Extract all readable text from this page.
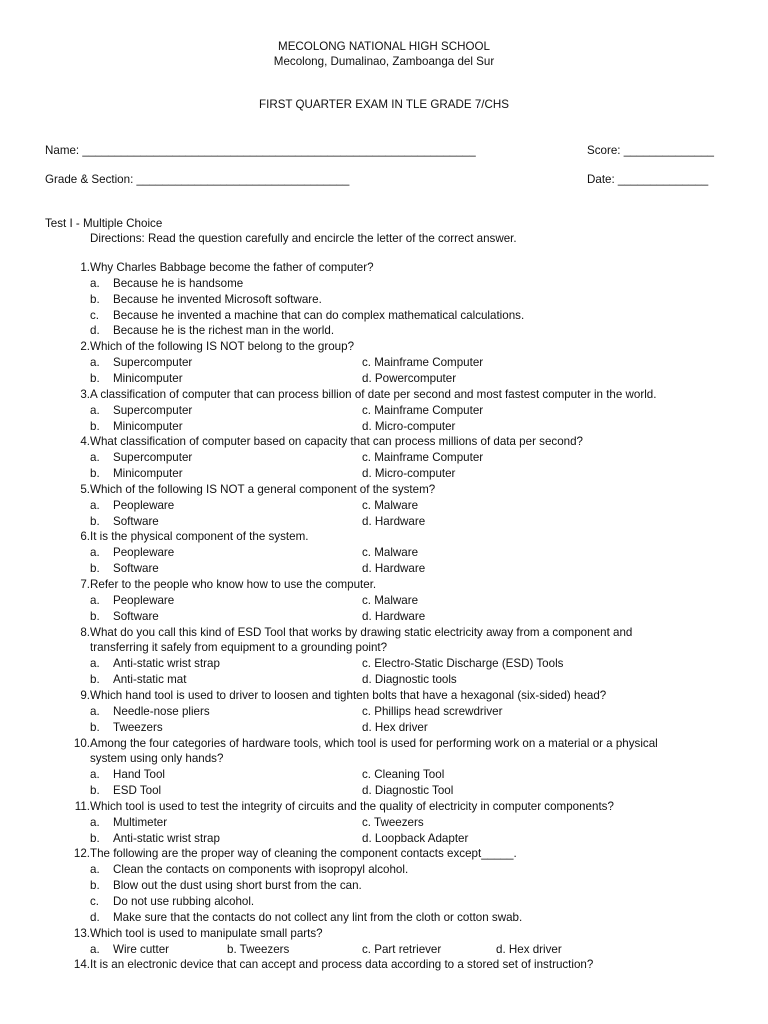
MECOLONG NATIONAL HIGH SCHOOL
Mecolong, Dumalinao, Zamboanga del Sur
FIRST QUARTER EXAM IN TLE GRADE 7/CHS
Name: _____________________________________________________________	Score: ______________
Grade & Section: _________________________________	Date: ______________
Test I - Multiple Choice
Directions: Read the question carefully and encircle the letter of the correct answer.
1. Why Charles Babbage become the father of computer?
a. Because he is handsome
b. Because he invented Microsoft software.
c. Because he invented a machine that can do complex mathematical calculations.
d. Because he is the richest man in the world.
2. Which of the following IS NOT belong to the group?
a. Supercomputer	c. Mainframe Computer
b. Minicomputer	d. Powercomputer
3. A classification of computer that can process billion of date per second and most fastest computer in the world.
a. Supercomputer	c. Mainframe Computer
b. Minicomputer	d. Micro-computer
4. What classification of computer based on capacity that can process millions of data per second?
a. Supercomputer	c. Mainframe Computer
b. Minicomputer	d. Micro-computer
5. Which of the following IS NOT a general component of the system?
a. Peopleware	c. Malware
b. Software	d. Hardware
6. It is the physical component of the system.
a. Peopleware	c. Malware
b. Software	d. Hardware
7. Refer to the people who know how to use the computer.
a. Peopleware	c. Malware
b. Software	d. Hardware
8. What do you call this kind of ESD Tool that works by drawing static electricity away from a component and
transferring it safely from equipment to a grounding point?
a. Anti-static wrist strap	c. Electro-Static Discharge (ESD) Tools
b. Anti-static mat	d. Diagnostic tools
9. Which hand tool is used to driver to loosen and tighten bolts that have a hexagonal (six-sided) head?
a. Needle-nose pliers	c. Phillips head screwdriver
b. Tweezers	d. Hex driver
10. Among the four categories of hardware tools, which tool is used for performing work on a material or a physical
system using only hands?
a. Hand Tool	c. Cleaning Tool
b. ESD Tool	d. Diagnostic Tool
11. Which tool is used to test the integrity of circuits and the quality of electricity in computer components?
a. Multimeter	c. Tweezers
b. Anti-static wrist strap	d. Loopback Adapter
12. The following are the proper way of cleaning the component contacts except_____.
a. Clean the contacts on components with isopropyl alcohol.
b. Blow out the dust using short burst from the can.
c. Do not use rubbing alcohol.
d. Make sure that the contacts do not collect any lint from the cloth or cotton swab.
13. Which tool is used to manipulate small parts?
a. Wire cutter	b. Tweezers	c. Part retriever	d. Hex driver
14. It is an electronic device that can accept and process data according to a stored set of instruction?
